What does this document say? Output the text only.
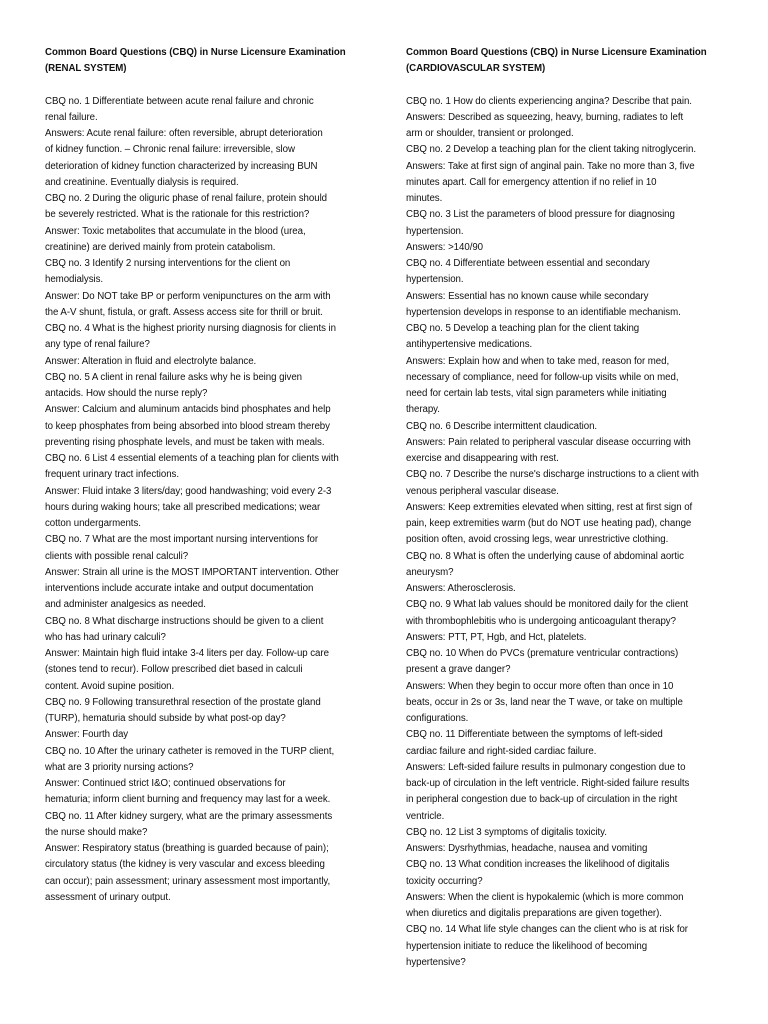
Common Board Questions (CBQ) in Nurse Licensure Examination
(RENAL SYSTEM)
CBQ no. 1 Differentiate between acute renal failure and chronic
renal failure.
Answers: Acute renal failure: often reversible, abrupt deterioration
of kidney function. – Chronic renal failure: irreversible, slow
deterioration of kidney function characterized by increasing BUN
and creatinine. Eventually dialysis is required.
CBQ no. 2 During the oliguric phase of renal failure, protein should
be severely restricted. What is the rationale for this restriction?
Answer: Toxic metabolites that accumulate in the blood (urea,
creatinine) are derived mainly from protein catabolism.
CBQ no. 3 Identify 2 nursing interventions for the client on
hemodialysis.
Answer: Do NOT take BP or perform venipunctures on the arm with
the A-V shunt, fistula, or graft. Assess access site for thrill or bruit.
CBQ no. 4 What is the highest priority nursing diagnosis for clients in
any type of renal failure?
Answer: Alteration in fluid and electrolyte balance.
CBQ no. 5 A client in renal failure asks why he is being given
antacids. How should the nurse reply?
Answer: Calcium and aluminum antacids bind phosphates and help
to keep phosphates from being absorbed into blood stream thereby
preventing rising phosphate levels, and must be taken with meals.
CBQ no. 6 List 4 essential elements of a teaching plan for clients with
frequent urinary tract infections.
Answer: Fluid intake 3 liters/day; good handwashing; void every 2-3
hours during waking hours; take all prescribed medications; wear
cotton undergarments.
CBQ no. 7 What are the most important nursing interventions for
clients with possible renal calculi?
Answer: Strain all urine is the MOST IMPORTANT intervention. Other
interventions include accurate intake and output documentation
and administer analgesics as needed.
CBQ no. 8 What discharge instructions should be given to a client
who has had urinary calculi?
Answer: Maintain high fluid intake 3-4 liters per day. Follow-up care
(stones tend to recur). Follow prescribed diet based in calculi
content. Avoid supine position.
CBQ no. 9 Following transurethral resection of the prostate gland
(TURP), hematuria should subside by what post-op day?
Answer: Fourth day
CBQ no. 10 After the urinary catheter is removed in the TURP client,
what are 3 priority nursing actions?
Answer: Continued strict I&O; continued observations for
hematuria; inform client burning and frequency may last for a week.
CBQ no. 11 After kidney surgery, what are the primary assessments
the nurse should make?
Answer: Respiratory status (breathing is guarded because of pain);
circulatory status (the kidney is very vascular and excess bleeding
can occur); pain assessment; urinary assessment most importantly,
assessment of urinary output.
Common Board Questions (CBQ) in Nurse Licensure Examination
(CARDIOVASCULAR SYSTEM)
CBQ no. 1 How do clients experiencing angina? Describe that pain.
Answers: Described as squeezing, heavy, burning, radiates to left
arm or shoulder, transient or prolonged.
CBQ no. 2 Develop a teaching plan for the client taking nitroglycerin.
Answers: Take at first sign of anginal pain. Take no more than 3, five
minutes apart. Call for emergency attention if no relief in 10
minutes.
CBQ no. 3 List the parameters of blood pressure for diagnosing
hypertension.
Answers: >140/90
CBQ no. 4 Differentiate between essential and secondary
hypertension.
Answers: Essential has no known cause while secondary
hypertension develops in response to an identifiable mechanism.
CBQ no. 5 Develop a teaching plan for the client taking
antihypertensive medications.
Answers: Explain how and when to take med, reason for med,
necessary of compliance, need for follow-up visits while on med,
need for certain lab tests, vital sign parameters while initiating
therapy.
CBQ no. 6 Describe intermittent claudication.
Answers: Pain related to peripheral vascular disease occurring with
exercise and disappearing with rest.
CBQ no. 7 Describe the nurse's discharge instructions to a client with
venous peripheral vascular disease.
Answers: Keep extremities elevated when sitting, rest at first sign of
pain, keep extremities warm (but do NOT use heating pad), change
position often, avoid crossing legs, wear unrestrictive clothing.
CBQ no. 8 What is often the underlying cause of abdominal aortic
aneurysm?
Answers: Atherosclerosis.
CBQ no. 9 What lab values should be monitored daily for the client
with thrombophlebitis who is undergoing anticoagulant therapy?
Answers: PTT, PT, Hgb, and Hct, platelets.
CBQ no. 10 When do PVCs (premature ventricular contractions)
present a grave danger?
Answers: When they begin to occur more often than once in 10
beats, occur in 2s or 3s, land near the T wave, or take on multiple
configurations.
CBQ no. 11 Differentiate between the symptoms of left-sided
cardiac failure and right-sided cardiac failure.
Answers: Left-sided failure results in pulmonary congestion due to
back-up of circulation in the left ventricle. Right-sided failure results
in peripheral congestion due to back-up of circulation in the right
ventricle.
CBQ no. 12 List 3 symptoms of digitalis toxicity.
Answers: Dysrhythmias, headache, nausea and vomiting
CBQ no. 13 What condition increases the likelihood of digitalis
toxicity occurring?
Answers: When the client is hypokalemic (which is more common
when diuretics and digitalis preparations are given together).
CBQ no. 14 What life style changes can the client who is at risk for
hypertension initiate to reduce the likelihood of becoming
hypertensive?
